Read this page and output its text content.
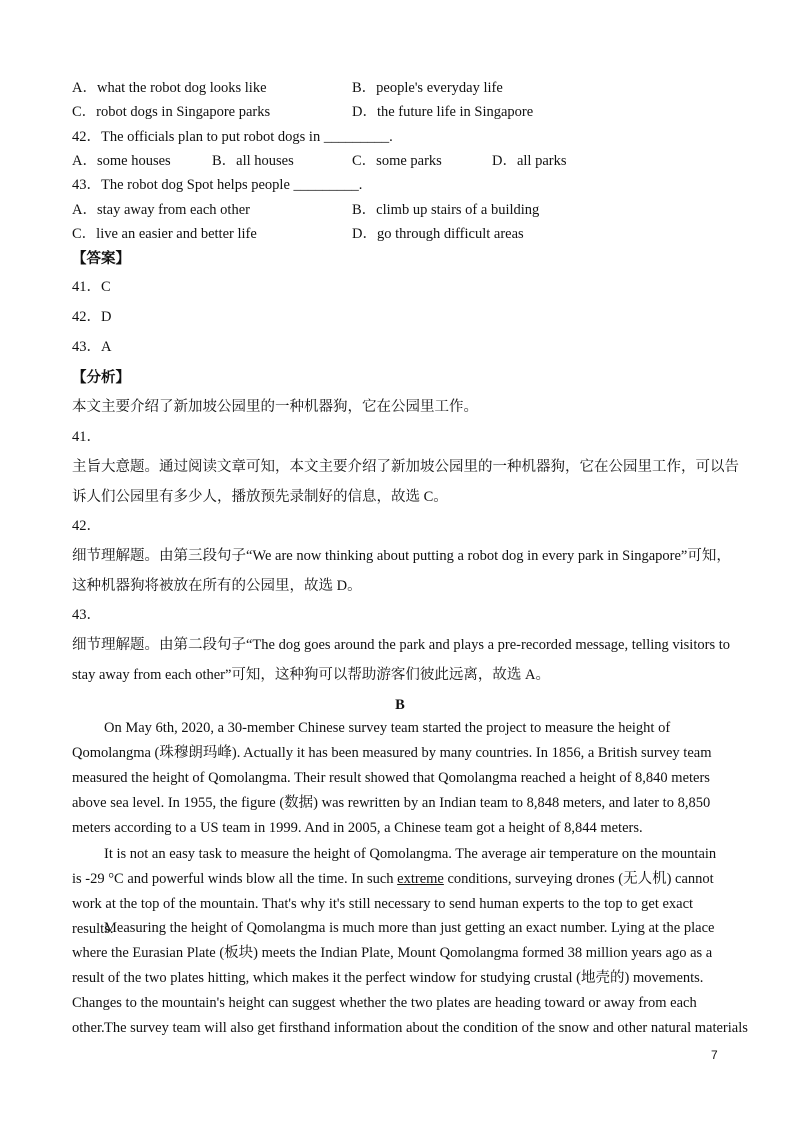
A．what the robot dog looks like	B．people's everyday life
C．robot dogs in Singapore parks	D．the future life in Singapore
42．The officials plan to put robot dogs in _________.
A．some houses	B．all houses	C．some parks	D．all parks
43．The robot dog Spot helps people _________.
A．stay away from each other	B．climb up stairs of a building
C．live an easier and better life	D．go through difficult areas
【答案】
41．C
42．D
43．A
【分析】
本文主要介绍了新加坡公园里的一种机器狗，它在公园里工作。
41．
主旨大意题。通过阅读文章可知，本文主要介绍了新加坡公园里的一种机器狗，它在公园里工作，可以告
诉人们公园里有多少人，播放预先录制好的信息，故选 C。
42．
细节理解题。由第三段句子“We are now thinking about putting a robot dog in every park in Singapore”可知，
这种机器狗将被放在所有的公园里，故选 D。
43．
细节理解题。由第二段句子“The dog goes around the park and plays a pre-recorded message, telling visitors to
stay away from each other”可知，这种狗可以帮助游客们彼此远离，故选 A。
B
On May 6th, 2020, a 30-member Chinese survey team started the project to measure the height of Qomolangma (珠穆朗玛峰). Actually it has been measured by many countries. In 1856, a British survey team measured the height of Qomolangma. Their result showed that Qomolangma reached a height of 8,840 meters above sea level. In 1955, the figure (数据) was rewritten by an Indian team to 8,848 meters, and later to 8,850 meters according to a US team in 1999. And in 2005, a Chinese team got a height of 8,844 meters.
It is not an easy task to measure the height of Qomolangma. The average air temperature on the mountain is -29 °C and powerful winds blow all the time. In such extreme conditions, surveying drones (无人机) cannot work at the top of the mountain. That's why it's still necessary to send human experts to the top to get exact results.
Measuring the height of Qomolangma is much more than just getting an exact number. Lying at the place where the Eurasian Plate (板块) meets the Indian Plate, Mount Qomolangma formed 38 million years ago as a result of the two plates hitting, which makes it the perfect window for studying crustal (地壳的) movements. Changes to the mountain's height can suggest whether the two plates are heading toward or away from each other. The survey team will also get firsthand information about the condition of the snow and other natural materials
7
